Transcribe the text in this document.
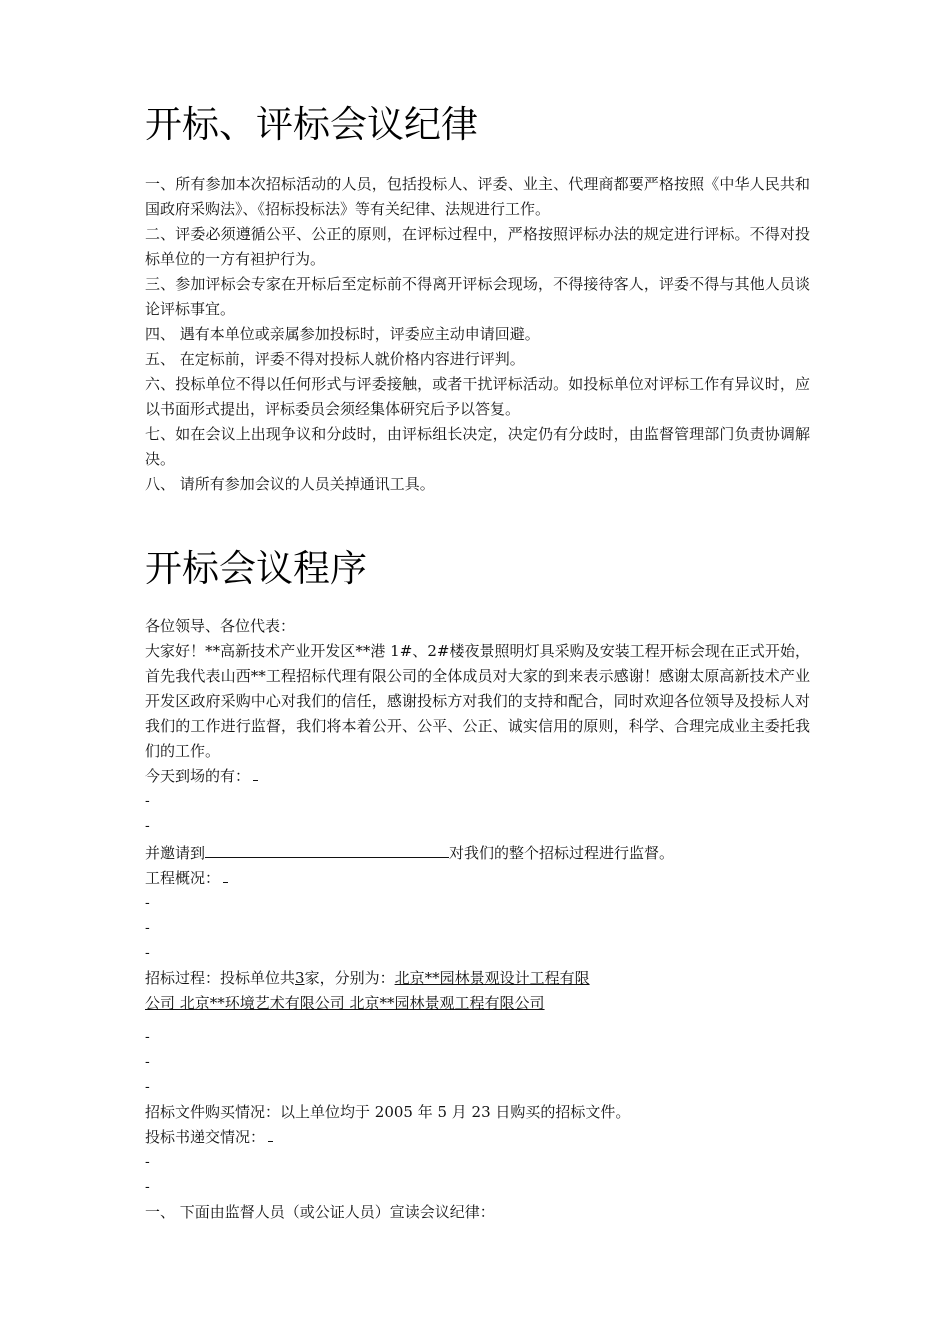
开标、评标会议纪律

一、所有参加本次招标活动的人员，包括投标人、评委、业主、代理商都要严格按照《中华人民共和国政府采购法》、《招标投标法》等有关纪律、法规进行工作。

二、评委必须遵循公平、公正的原则，在评标过程中，严格按照评标办法的规定进行评标。不得对投标单位的一方有袒护行为。

三、参加评标会专家在开标后至定标前不得离开评标会现场，不得接待客人，评委不得与其他人员谈论评标事宜。

四、 遇有本单位或亲属参加投标时，评委应主动申请回避。

五、 在定标前，评委不得对投标人就价格内容进行评判。

六、投标单位不得以任何形式与评委接触，或者干扰评标活动。如投标单位对评标工作有异议时，应以书面形式提出，评标委员会须经集体研究后予以答复。

七、如在会议上出现争议和分歧时，由评标组长决定，决定仍有分歧时，由监督管理部门负责协调解决。

八、 请所有参加会议的人员关掉通讯工具。

开标会议程序

各位领导、各位代表：

大家好！**高新技术产业开发区**港 1#、2#楼夜景照明灯具采购及安装工程开标会现在正式开始，首先我代表山西**工程招标代理有限公司的全体成员对大家的到来表示感谢！感谢太原高新技术产业开发区政府采购中心对我们的信任，感谢投标方对我们的支持和配合，同时欢迎各位领导及投标人对我们的工作进行监督，我们将本着公开、公平、公正、诚实信用的原则，科学、合理完成业主委托我们的工作。

今天到场的有：

-
-

并邀请到	对我们的整个招标过程进行监督。

工程概况：

-
-
-

招标过程：投标单位共3家，分别为：北京**园林景观设计工程有限

公司 北京**环境艺术有限公司 北京**园林景观工程有限公司

-
-
-

招标文件购买情况：以上单位均于 2005 年 5 月 23 日购买的招标文件。

投标书递交情况：

-
-

一、 下面由监督人员（或公证人员）宣读会议纪律：
